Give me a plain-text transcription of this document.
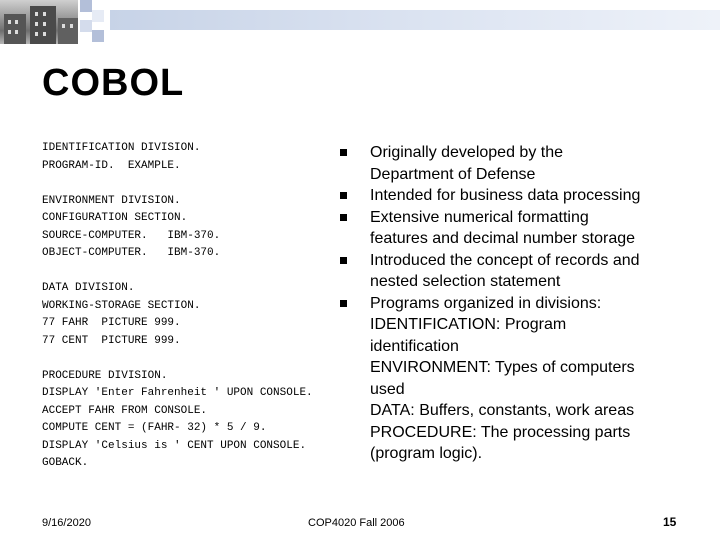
COBOL
IDENTIFICATION DIVISION.
PROGRAM-ID.  EXAMPLE.
ENVIRONMENT DIVISION.
CONFIGURATION SECTION.
SOURCE-COMPUTER.   IBM-370.
OBJECT-COMPUTER.   IBM-370.
DATA DIVISION.
WORKING-STORAGE SECTION.
77 FAHR  PICTURE 999.
77 CENT  PICTURE 999.
PROCEDURE DIVISION.
DISPLAY 'Enter Fahrenheit ' UPON CONSOLE.
ACCEPT FAHR FROM CONSOLE.
COMPUTE CENT = (FAHR- 32) * 5 / 9.
DISPLAY 'Celsius is ' CENT UPON CONSOLE.
GOBACK.
Originally developed by the
Department of Defense
Intended for business data processing
Extensive numerical formatting
features and decimal number storage
Introduced the concept of records and
nested selection statement
Programs organized in divisions:
IDENTIFICATION: Program
identification
ENVIRONMENT: Types of computers
used
DATA: Buffers, constants, work areas
PROCEDURE: The processing parts
(program logic).
9/16/2020	COP4020 Fall 2006	15
